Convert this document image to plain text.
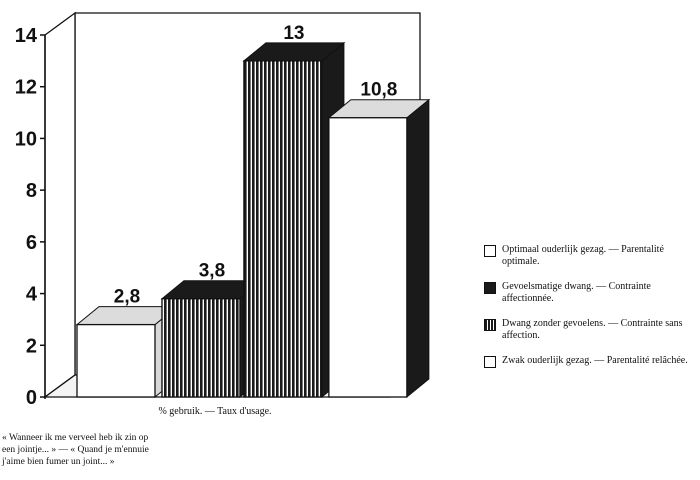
0
2
4
6
8
10
12
14
2,8
3,8
13
10,8
% gebruik. — Taux d'usage.
Optimaal ouderlijk gezag. — Parentalité optimale.
Gevoelsmatige dwang. — Contrainte affectionnée.
Dwang zonder gevoelens. — Contrainte sans affection.
Zwak ouderlijk gezag. — Parentalité relâchée.
« Wanneer ik me verveel heb ik zin op
een jointje... » — « Quand je m'ennuie
j'aime bien fumer un joint... »
